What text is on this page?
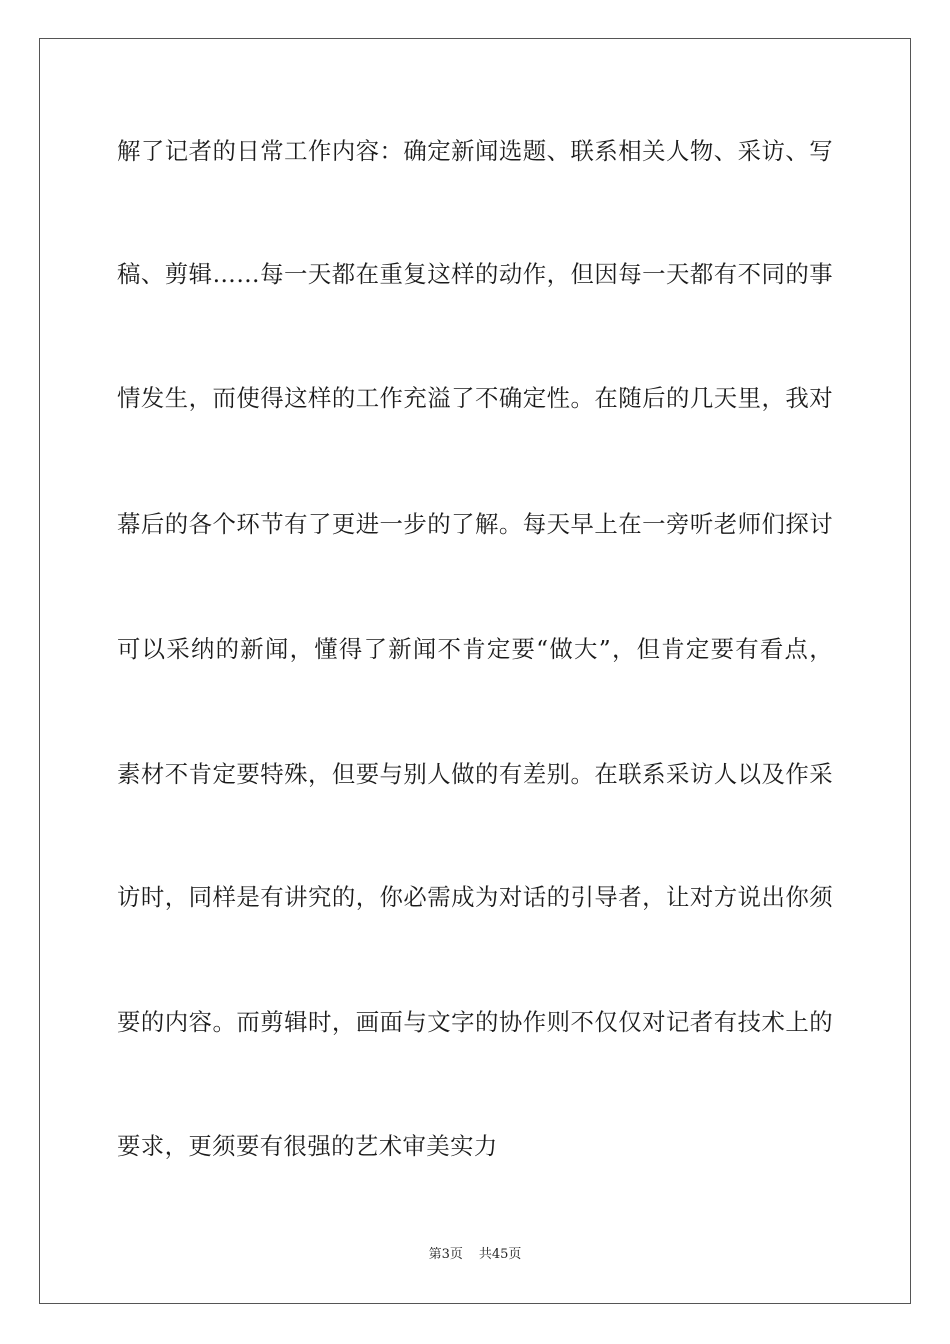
解了记者的日常工作内容：确定新闻选题、联系相关人物、采访、写
稿、剪辑……每一天都在重复这样的动作，但因每一天都有不同的事
情发生，而使得这样的工作充溢了不确定性。在随后的几天里，我对
幕后的各个环节有了更进一步的了解。每天早上在一旁听老师们探讨
可以采纳的新闻，懂得了新闻不肯定要“做大”，但肯定要有看点，
素材不肯定要特殊，但要与别人做的有差别。在联系采访人以及作采
访时，同样是有讲究的，你必需成为对话的引导者，让对方说出你须
要的内容。而剪辑时，画面与文字的协作则不仅仅对记者有技术上的
要求，更须要有很强的艺术审美实力
第3页 共45页
